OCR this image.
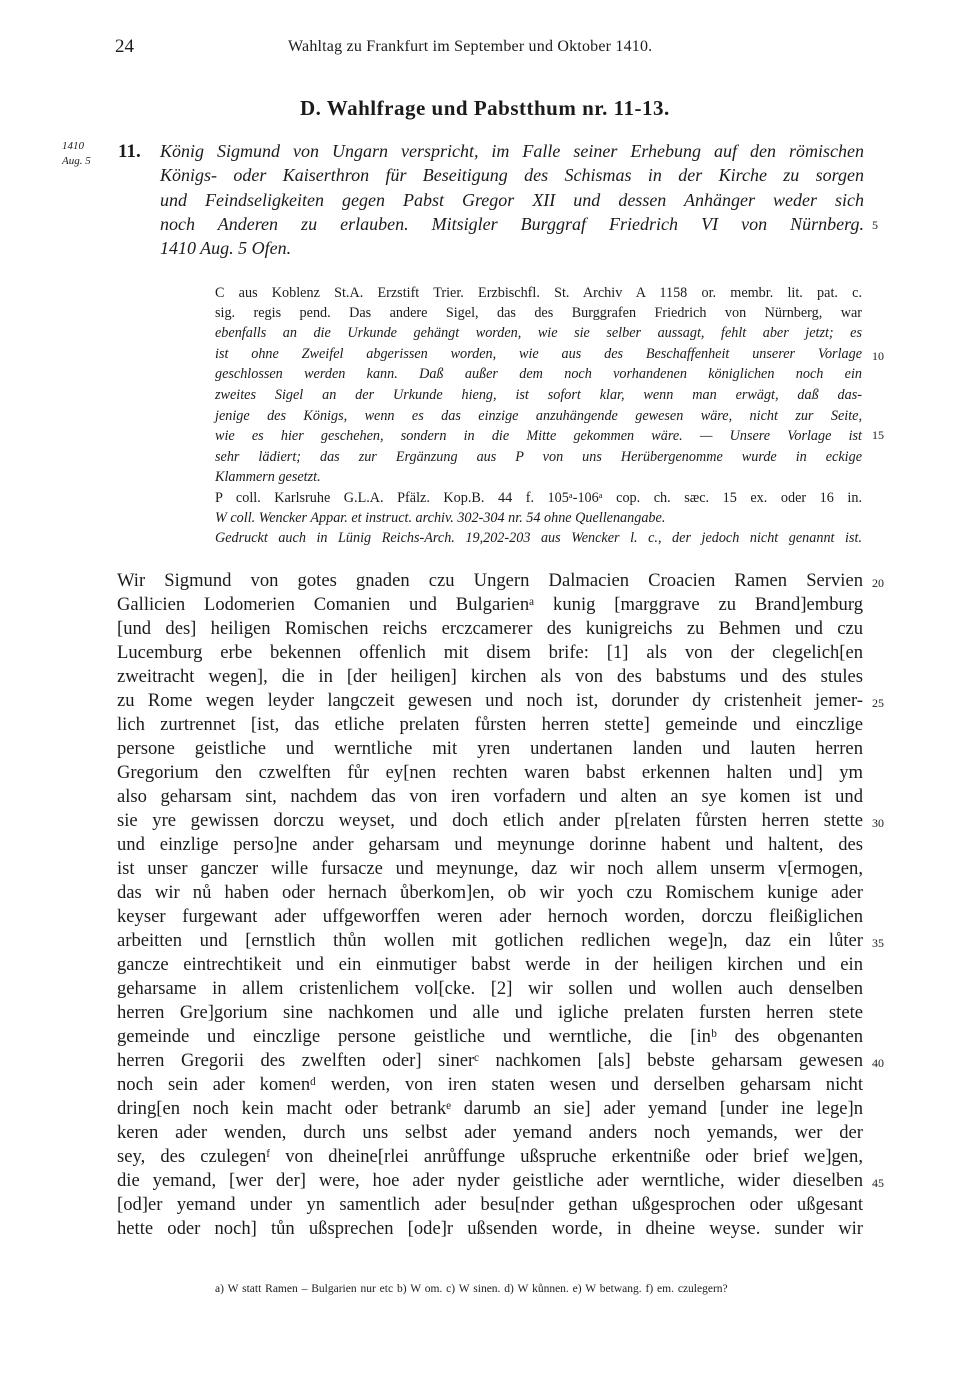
24	Wahltag zu Frankfurt im September und Oktober 1410.
D. Wahlfrage und Pabstthum nr. 11-13.
1410
Aug. 5 11. König Sigmund von Ungarn verspricht, im Falle seiner Erhebung auf den römischen
Königs- oder Kaiserthron für Beseitigung des Schismas in der Kirche zu sorgen
und Feindseligkeiten gegen Pabst Gregor XII und dessen Anhänger weder sich
noch Anderen zu erlauben. Mitsigler Burggraf Friedrich VI von Nürnberg.
1410 Aug. 5 Ofen.
5
C aus Koblenz St.A. Erzstift Trier. Erzbischfl. St. Archiv A 1158 or. membr. lit. pat. c.
sig. regis pend. Das andere Sigel, das des Burggrafen Friedrich von Nürnberg, war
ebenfalls an die Urkunde gehängt worden, wie sie selber aussagt, fehlt aber jetzt; es
ist ohne Zweifel abgerissen worden, wie aus des Beschaffenheit unserer Vorlage
geschlossen werden kann. Daß außer dem noch vorhandenen königlichen noch ein
zweites Sigel an der Urkunde hieng, ist sofort klar, wenn man erwägt, daß das-
jenige des Königs, wenn es das einzige anzuhängende gewesen wäre, nicht zur Seite,
wie es hier geschehen, sondern in die Mitte gekommen wäre. — Unsere Vorlage ist
sehr lädiert; das zur Ergänzung aus P von uns Herübergenomme wurde in eckige
Klammern gesetzt.
P coll. Karlsruhe G.L.A. Pfälz. Kop.B. 44 f. 105ᵃ-106ᵃ cop. ch. sæc. 15 ex. oder 16 in.
W coll. Wencker Appar. et instruct. archiv. 302-304 nr. 54 ohne Quellenangabe.
Gedruckt auch in Lünig Reichs-Arch. 19,202-203 aus Wencker l. c., der jedoch nicht genannt ist.
10
15
Wir Sigmund von gotes gnaden czu Ungern Dalmacien Croacien Ramen Servien
Gallicien Lodomerien Comanien und Bulgarienᵃ kunig [marggrave zu Brand]emburg
[und des] heiligen Romischen reichs erczcamerer des kunigreichs zu Behmen und czu
Lucemburg erbe bekennen offenlich mit disem brife: [1] als von der clegelich[en
zweitracht wegen], die in [der heiligen] kirchen als von des babstums und des stules
zu Rome wegen leyder langczeit gewesen und noch ist, dorunder dy cristenheit jemer-
lich zurtrennet [ist, das etliche prelaten fůrsten herren stette] gemeinde und einczlige
persone geistliche und werntliche mit yren undertanen landen und lauten herren
Gregorium den czwelften fůr ey[nen rechten waren babst erkennen halten und] ym
also geharsam sint, nachdem das von iren vorfadern und alten an sye komen ist und
sie yre gewissen dorczu weyset, und doch etlich ander p[relaten fůrsten herren stette
und einzlige perso]ne ander geharsam und meynunge dorinne habent und haltent, des
ist unser ganczer wille fursacze und meynunge, daz wir noch allem unserm v[ermogen,
das wir nů haben oder hernach ůberkom]en, ob wir yoch czu Romischem kunige ader
keyser furgewant ader uffgeworffen weren ader hernoch worden, dorczu fleißiglichen
arbeitten und [ernstlich thůn wollen mit gotlichen redlichen wege]n, daz ein lůter
gancze eintrechtikeit und ein einmutiger babst werde in der heiligen kirchen und ein
geharsame in allem cristenlichem vol[cke. [2] wir sollen und wollen auch denselben
herren Gre]gorium sine nachkomen und alle und igliche prelaten fursten herren stete
gemeinde und einczlige persone geistliche und werntliche, die [inᵇ des obgenanten
herren Gregorii des zwelften oder] sinerᶜ nachkomen [als] bebste geharsam gewesen
noch sein ader komenᵈ werden, von iren staten wesen und derselben geharsam nicht
dring[en noch kein macht oder betrankᵉ darumb an sie] ader yemand [under ine lege]n
keren ader wenden, durch uns selbst ader yemand anders noch yemands, wer der
sey, des czulegenᶠ von dheine[rlei anrůffunge ußspruche erkentniße oder brief we]gen,
die yemand, [wer der] were, hoe ader nyder geistliche ader werntliche, wider dieselben
[od]er yemand under yn samentlich ader besu[nder gethan ußgesprochen oder ußgesant
hette oder noch] tůn ußsprechen [ode]r ußsenden worde, in dheine weyse. sunder wir
20
25
30
35
40
45
a) W statt Ramen – Bulgarien nur etc b) W om. c) W sinen. d) W kůnnen. e) W betwang. f) em. czulegern?
